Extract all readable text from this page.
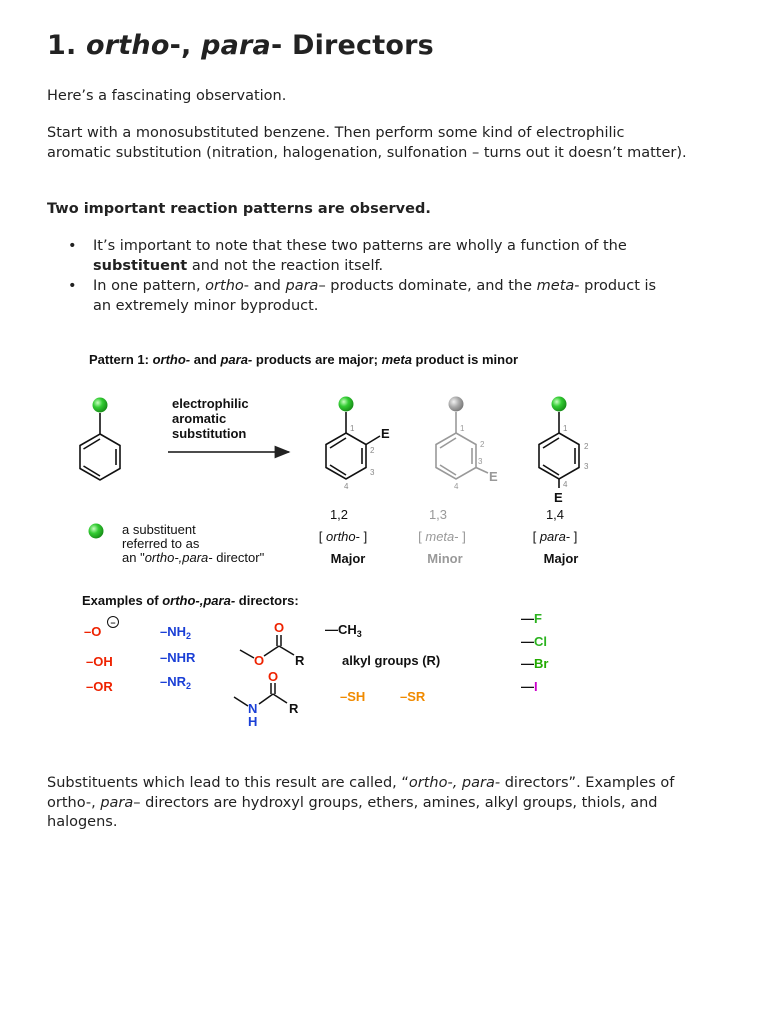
1. ortho-, para- Directors

Here’s a fascinating observation.

Start with a monosubstituted benzene. Then perform some kind of electrophilic aromatic substitution (nitration, halogenation, sulfonation – turns out it doesn’t matter).

Two important reaction patterns are observed.

• It’s important to note that these two patterns are wholly a function of the substituent and not the reaction itself.
• In one pattern, ortho- and para– products dominate, and the meta- product is an extremely minor byproduct.

Substituents which lead to this result are called, “ortho-, para- directors”. Examples of ortho-, para– directors are hydroxyl groups, ethers, amines, alkyl groups, thiols, and halogens.

Pattern 1: ortho- and para- products are major; meta product is minor
electrophilic
aromatic
substitution	1
2
3
4
E	1
2
3
4
E
1
2
3
4
E
1,2
[ ortho- ]
Major
1,3
[ meta- ]
Minor
1,4
[ para- ]
Major
a substituent
referred to as
an "ortho-,para- director"
Examples of ortho-,para- directors:
–O
–
–OH
–OR
$-NH_2$
–NHR
$-NR_2$
O
O R
O
N
H
R
$—CH_3$
alkyl groups (R)
–SH	–SR
—F
—Cl
—Br
—I
